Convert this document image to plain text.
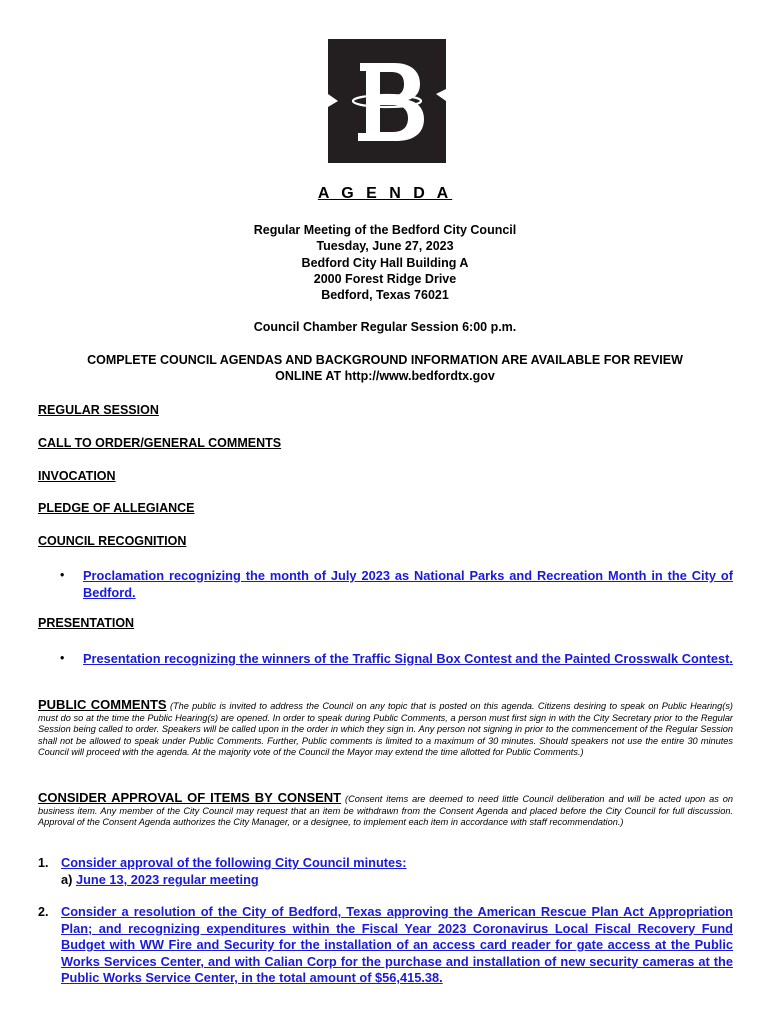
A G E N D A
Regular Meeting of the Bedford City Council
Tuesday, June 27, 2023
Bedford City Hall Building A
2000 Forest Ridge Drive
Bedford, Texas 76021
Council Chamber Regular Session 6:00 p.m.
COMPLETE COUNCIL AGENDAS AND BACKGROUND INFORMATION ARE AVAILABLE FOR REVIEW
ONLINE AT http://www.bedfordtx.gov
REGULAR SESSION
CALL TO ORDER/GENERAL COMMENTS
INVOCATION
PLEDGE OF ALLEGIANCE
COUNCIL RECOGNITION
• Proclamation recognizing the month of July 2023 as National Parks and Recreation Month in the City of Bedford.
PRESENTATION
• Presentation recognizing the winners of the Traffic Signal Box Contest and the Painted Crosswalk Contest.
PUBLIC COMMENTS (The public is invited to address the Council on any topic that is posted on this agenda. Citizens desiring to speak on Public Hearing(s) must do so at the time the Public Hearing(s) are opened. In order to speak during Public Comments, a person must first sign in with the City Secretary prior to the Regular Session being called to order. Speakers will be called upon in the order in which they sign in. Any person not signing in prior to the commencement of the Regular Session shall not be allowed to speak under Public Comments. Further, Public comments is limited to a maximum of 30 minutes. Should speakers not use the entire 30 minutes Council will proceed with the agenda. At the majority vote of the Council the Mayor may extend the time allotted for Public Comments.)
CONSIDER APPROVAL OF ITEMS BY CONSENT (Consent items are deemed to need little Council deliberation and will be acted upon as on business item. Any member of the City Council may request that an item be withdrawn from the Consent Agenda and placed before the City Council for full discussion. Approval of the Consent Agenda authorizes the City Manager, or a designee, to implement each item in accordance with staff recommendation.)
1. Consider approval of the following City Council minutes:
a) June 13, 2023 regular meeting
2. Consider a resolution of the City of Bedford, Texas approving the American Rescue Plan Act Appropriation Plan; and recognizing expenditures within the Fiscal Year 2023 Coronavirus Local Fiscal Recovery Fund Budget with WW Fire and Security for the installation of an access card reader for gate access at the Public Works Services Center, and with Calian Corp for the purchase and installation of new security cameras at the Public Works Service Center, in the total amount of $56,415.38.
